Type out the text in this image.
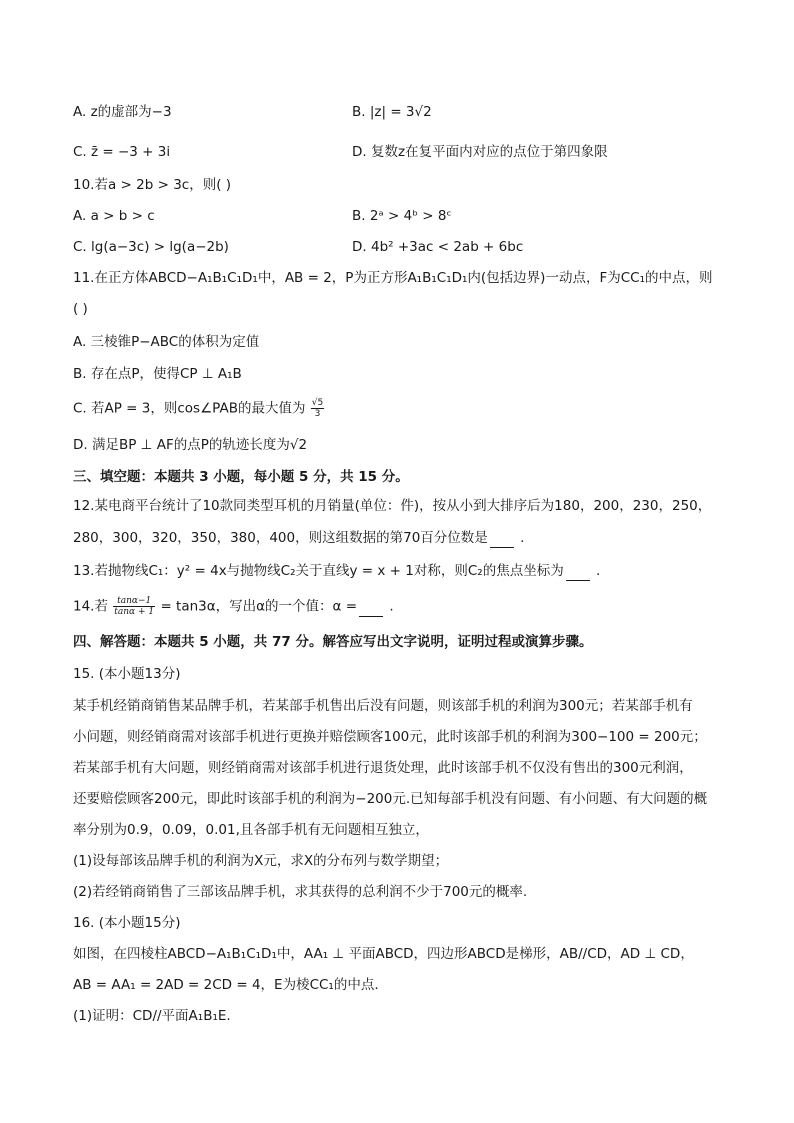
A. z的虚部为−3	B. |z| = 3√2
C. z̄ = −3 + 3i	D. 复数z在复平面内对应的点位于第四象限
10.若a > 2b > 3c，则( )
A. a > b > c	B. 2ᵃ > 4ᵇ > 8ᶜ
C. lg(a−3c) > lg(a−2b)	D. 4b² +3ac < 2ab + 6bc
11.在正方体ABCD−A₁B₁C₁D₁中，AB = 2，P为正方形A₁B₁C₁D₁内(包括边界)一动点，F为CC₁的中点，则
( )
A. 三棱锥P−ABC的体积为定值
B. 存在点P，使得CP ⊥ A₁B
C. 若AP = 3，则cos∠PAB的最大值为 $\frac{√5}{3}$
D. 满足BP ⊥ AF的点P的轨迹长度为√2
三、填空题：本题共 3 小题，每小题 5 分，共 15 分。
12.某电商平台统计了10款同类型耳机的月销量(单位：件)，按从小到大排序后为180，200，230，250，
280，300，320，350，380，400，则这组数据的第70百分位数是 .
13.若抛物线C₁：y² = 4x与抛物线C₂关于直线y = x + 1对称，则C₂的焦点坐标为 .
14.若 $\frac{\tan\alpha-1}{\tan\alpha + 1} = \tan 3\alpha$，写出α的一个值：α = .
四、解答题：本题共 5 小题，共 77 分。解答应写出文字说明，证明过程或演算步骤。
15. (本小题13分)
某手机经销商销售某品牌手机，若某部手机售出后没有问题，则该部手机的利润为300元；若某部手机有
小问题，则经销商需对该部手机进行更换并赔偿顾客100元，此时该部手机的利润为300−100 = 200元；
若某部手机有大问题，则经销商需对该部手机进行退货处理，此时该部手机不仅没有售出的300元利润，
还要赔偿顾客200元，即此时该部手机的利润为−200元.已知每部手机没有问题、有小问题、有大问题的概
率分别为0.9，0.09，0.01,且各部手机有无问题相互独立，
(1)设每部该品牌手机的利润为X元，求X的分布列与数学期望；
(2)若经销商销售了三部该品牌手机，求其获得的总利润不少于700元的概率.
16. (本小题15分)
如图，在四棱柱ABCD−A₁B₁C₁D₁中，AA₁ ⊥ 平面ABCD，四边形ABCD是梯形，AB//CD，AD ⊥ CD，
AB = AA₁ = 2AD = 2CD = 4，E为棱CC₁的中点.
(1)证明：CD//平面A₁B₁E.
